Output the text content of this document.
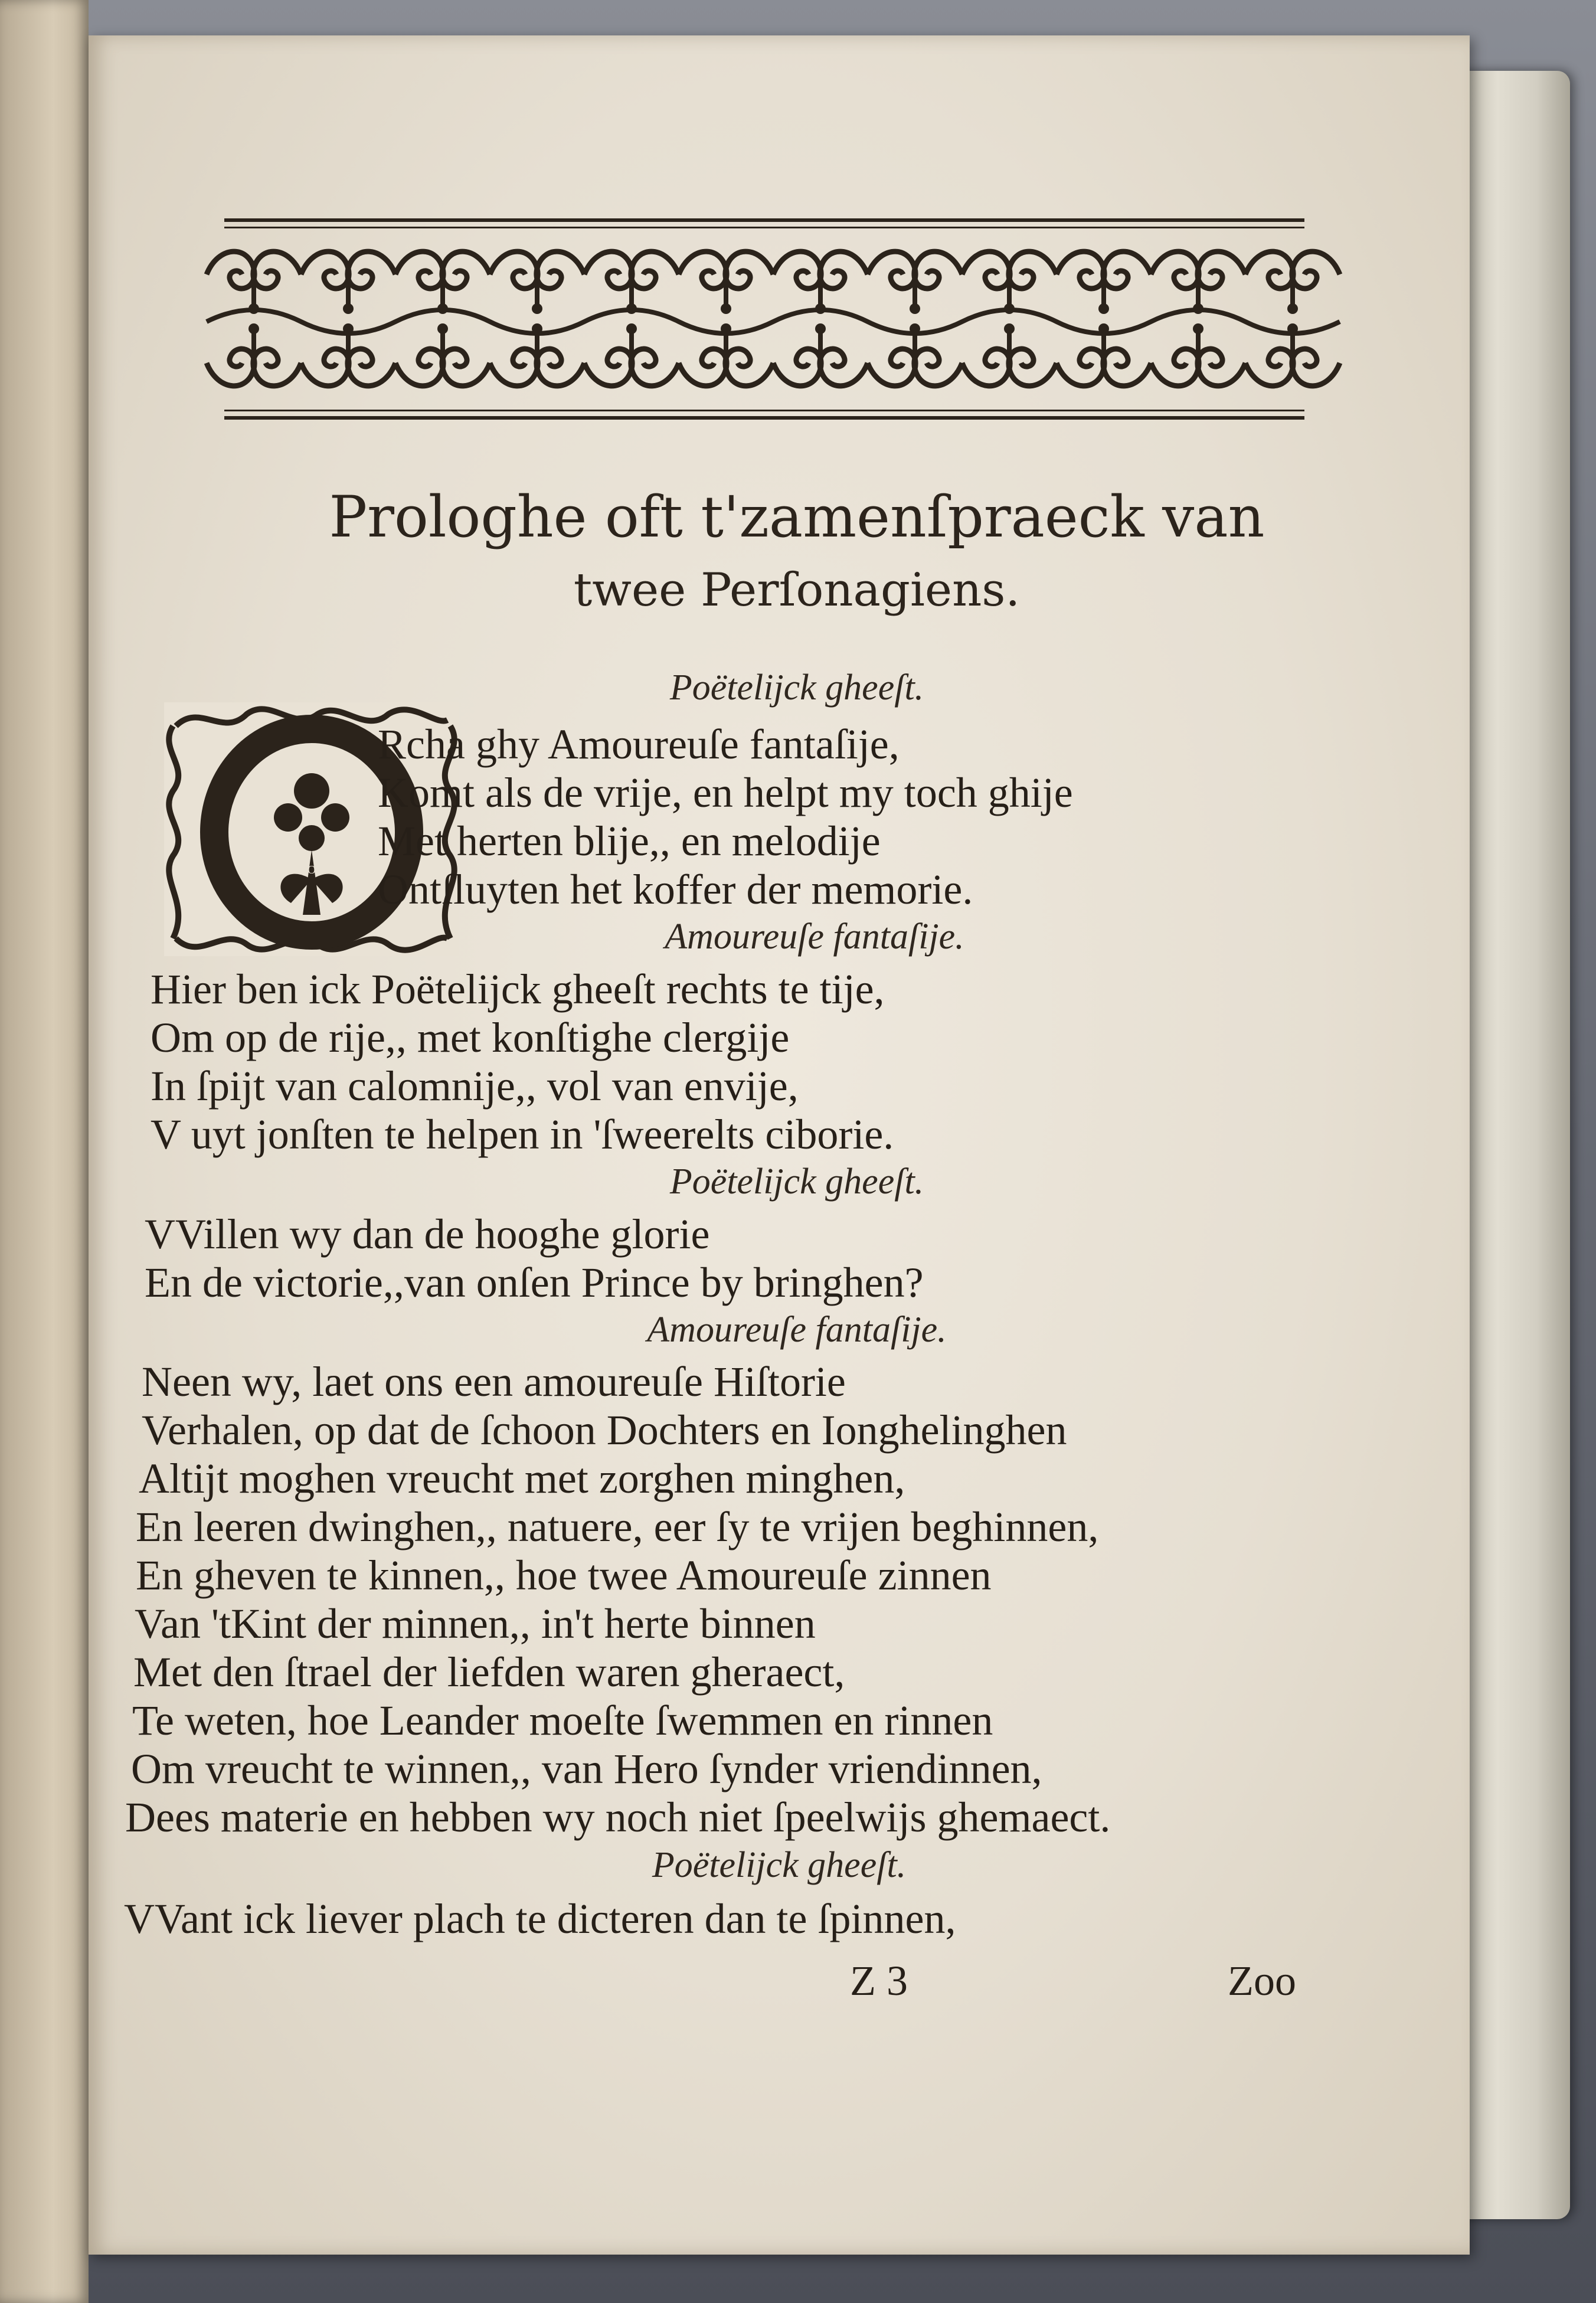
Prologhe oft t'zamenſpraeck van
twee Perſonagiens.
O
Poëtelijck gheeſt.
Rcha ghy Amoureuſe fantaſije,
Komt als de vrije, en helpt my toch ghije
Met herten blije,, en melodije
Ontſluyten het koffer der memorie.
Amoureuſe fantaſije.
Hier ben ick Poëtelijck gheeſt rechts te tije,
Om op de rije,, met konſtighe clergije
In ſpijt van calomnije,, vol van envije,
V uyt jonſten te helpen in 'ſweerelts ciborie.
Poëtelijck gheeſt.
VVillen wy dan de hooghe glorie
En de victorie,,van onſen Prince by bringhen?
Amoureuſe fantaſije.
Neen wy, laet ons een amoureuſe Hiſtorie
Verhalen, op dat de ſchoon Dochters en Ionghelinghen
Altijt moghen vreucht met zorghen minghen,
En leeren dwinghen,, natuere, eer ſy te vrijen beghinnen,
En gheven te kinnen,, hoe twee Amoureuſe zinnen
Van 'tKint der minnen,, in't herte binnen
Met den ſtrael der liefden waren gheraect,
Te weten, hoe Leander moeſte ſwemmen en rinnen
Om vreucht te winnen,, van Hero ſynder vriendinnen,
Dees materie en hebben wy noch niet ſpeelwijs ghemaect.
Poëtelijck gheeſt.
VVant ick liever plach te dicteren dan te ſpinnen,
Z 3	Zoo
